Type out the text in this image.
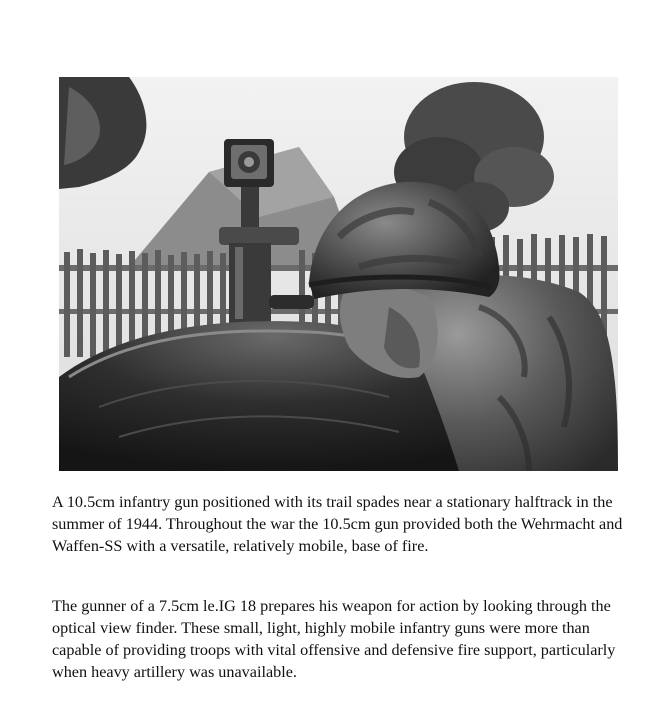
A 10.5cm infantry gun positioned with its trail spades near a stationary halftrack in the summer of 1944. Throughout the war the 10.5cm gun provided both the Wehrmacht and Waffen-SS with a versatile, relatively mobile, base of fire.

The gunner of a 7.5cm le.IG 18 prepares his weapon for action by looking through the optical view finder. These small, light, highly mobile infantry guns were more than capable of providing troops with vital offensive and defensive fire support, particularly when heavy artillery was unavailable.
